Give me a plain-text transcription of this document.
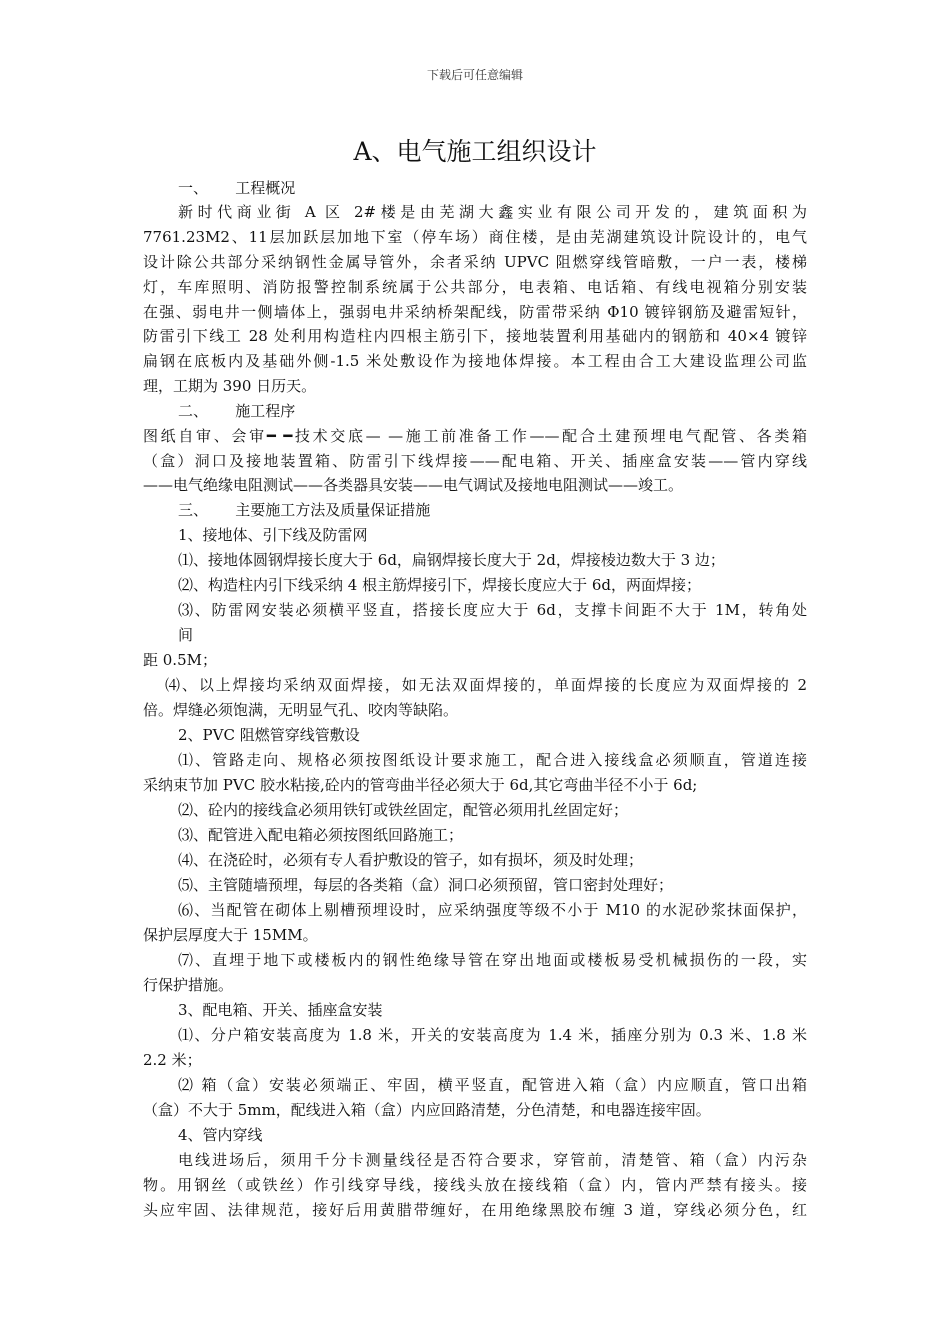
下载后可任意编辑
A、电气施工组织设计
一、　　 工程概况
新时代商业街 A 区 2#楼是由芜湖大鑫实业有限公司开发的，建筑面积为
7761.23M2、11层加跃层加地下室（停车场）商住楼，是由芜湖建筑设计院设计的，电气
设计除公共部分采纳钢性金属导管外，余者采纳 UPVC 阻燃穿线管暗敷，一户一表，楼梯
灯，车库照明、消防报警控制系统属于公共部分，电表箱、电话箱、有线电视箱分别安装
在强、弱电井一侧墙体上，强弱电井采纳桥架配线，防雷带采纳 Φ10 镀锌钢筋及避雷短针，
防雷引下线工 28 处利用构造柱内四根主筋引下，接地装置利用基础内的钢筋和 40×4 镀锌
扁钢在底板内及基础外侧-1.5 米处敷设作为接地体焊接。本工程由合工大建设监理公司监
理，工期为 390 日历天。
二、　　 施工程序
图纸自审、会审━ ━技术交底— —施工前准备工作——配合土建预埋电气配管、各类箱
（盒）洞口及接地装置箱、防雷引下线焊接——配电箱、开关、插座盒安装——管内穿线
——电气绝缘电阻测试——各类器具安装——电气调试及接地电阻测试——竣工。
三、　　 主要施工方法及质量保证措施
1、接地体、引下线及防雷网
⑴、接地体圆钢焊接长度大于 6d，扁钢焊接长度大于 2d，焊接棱边数大于 3 边；
⑵、构造柱内引下线采纳 4 根主筋焊接引下，焊接长度应大于 6d，两面焊接；
⑶、防雷网安装必须横平竖直，搭接长度应大于 6d，支撑卡间距不大于 1M，转角处
间
距 0.5M；
⑷、以上焊接均采纳双面焊接，如无法双面焊接的，单面焊接的长度应为双面焊接的 2
倍。焊缝必须饱满，无明显气孔、咬肉等缺陷。
2、PVC 阻燃管穿线管敷设
⑴、管路走向、规格必须按图纸设计要求施工，配合进入接线盒必须顺直，管道连接
采纳束节加 PVC 胶水粘接,砼内的管弯曲半径必须大于 6d,其它弯曲半径不小于 6d;
⑵、砼内的接线盒必须用铁钉或铁丝固定，配管必须用扎丝固定好；
⑶、配管进入配电箱必须按图纸回路施工；
⑷、在浇砼时，必须有专人看护敷设的管子，如有损坏，须及时处理；
⑸、主管随墙预埋，每层的各类箱（盒）洞口必须预留，管口密封处理好；
⑹、当配管在砌体上剔槽预埋设时，应采纳强度等级不小于 M10 的水泥砂浆抹面保护，
保护层厚度大于 15MM。
⑺、直埋于地下或楼板内的钢性绝缘导管在穿出地面或楼板易受机械损伤的一段，实
行保护措施。
3、配电箱、开关、插座盒安装
⑴、分户箱安装高度为 1.8 米，开关的安装高度为 1.4 米，插座分别为 0.3 米、1.8 米
2.2 米；
⑵ 箱（盒）安装必须端正、牢固，横平竖直，配管进入箱（盒）内应顺直，管口出箱
（盒）不大于 5mm，配线进入箱（盒）内应回路清楚，分色清楚，和电器连接牢固。
4、管内穿线
电线进场后，须用千分卡测量线径是否符合要求，穿管前，清楚管、箱（盒）内污杂
物。用钢丝（或铁丝）作引线穿导线，接线头放在接线箱（盒）内，管内严禁有接头。接
头应牢固、法律规范，接好后用黄腊带缠好，在用绝缘黑胶布缠 3 道，穿线必须分色，红
